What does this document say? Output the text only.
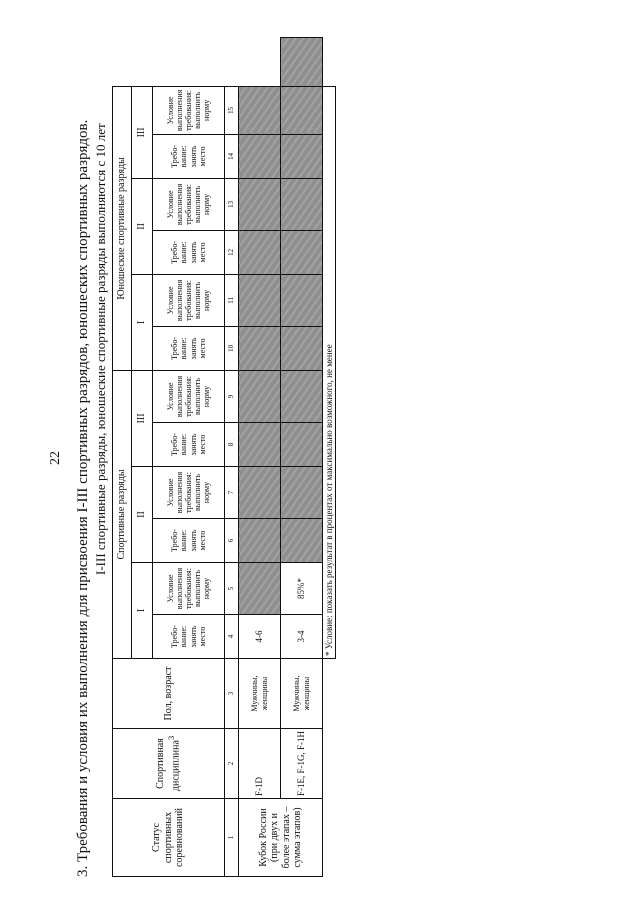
22 3. Требования и условия их выполнения для присвоения I-III спортивных разрядов, юношеских спортивных разрядов. I-III спортивные разряды, юношеские спортивные разряды выполняются с 10 лет
Статус спортивных соревнований	Спортивная дисциплина$^3$	Пол, возраст	Спортивные разряды						Юношеские спортивные разряды						
			I		II		III		I		II		III		
			Требо-вание: занять место	Условие выполнения требования: выполнить норму	Требо-вание: занять место	Условие выполнения требования: выполнить норму	Требо-вание: занять место	Условие выполнения требования: выполнить норму	Требо-вание: занять место	Условие выполнения требования: выполнить норму	Требо-вание: занять место	Условие выполнения требования: выполнить норму	Требо-вание: занять место	Условие выполнения требования: выполнить норму	
1	2	3	4	5	6	7	8	9	10	11	12	13	14	15	
Кубок России (при двух и более этапах – сумма этапов)	F-1D	Мужчины, женщины	4-6												
	F-1E, F-1G, F-1H	Мужчины, женщины	3-4	85%*											
			* Условие: показать результат в процентах от максимально возможного, не менее												
